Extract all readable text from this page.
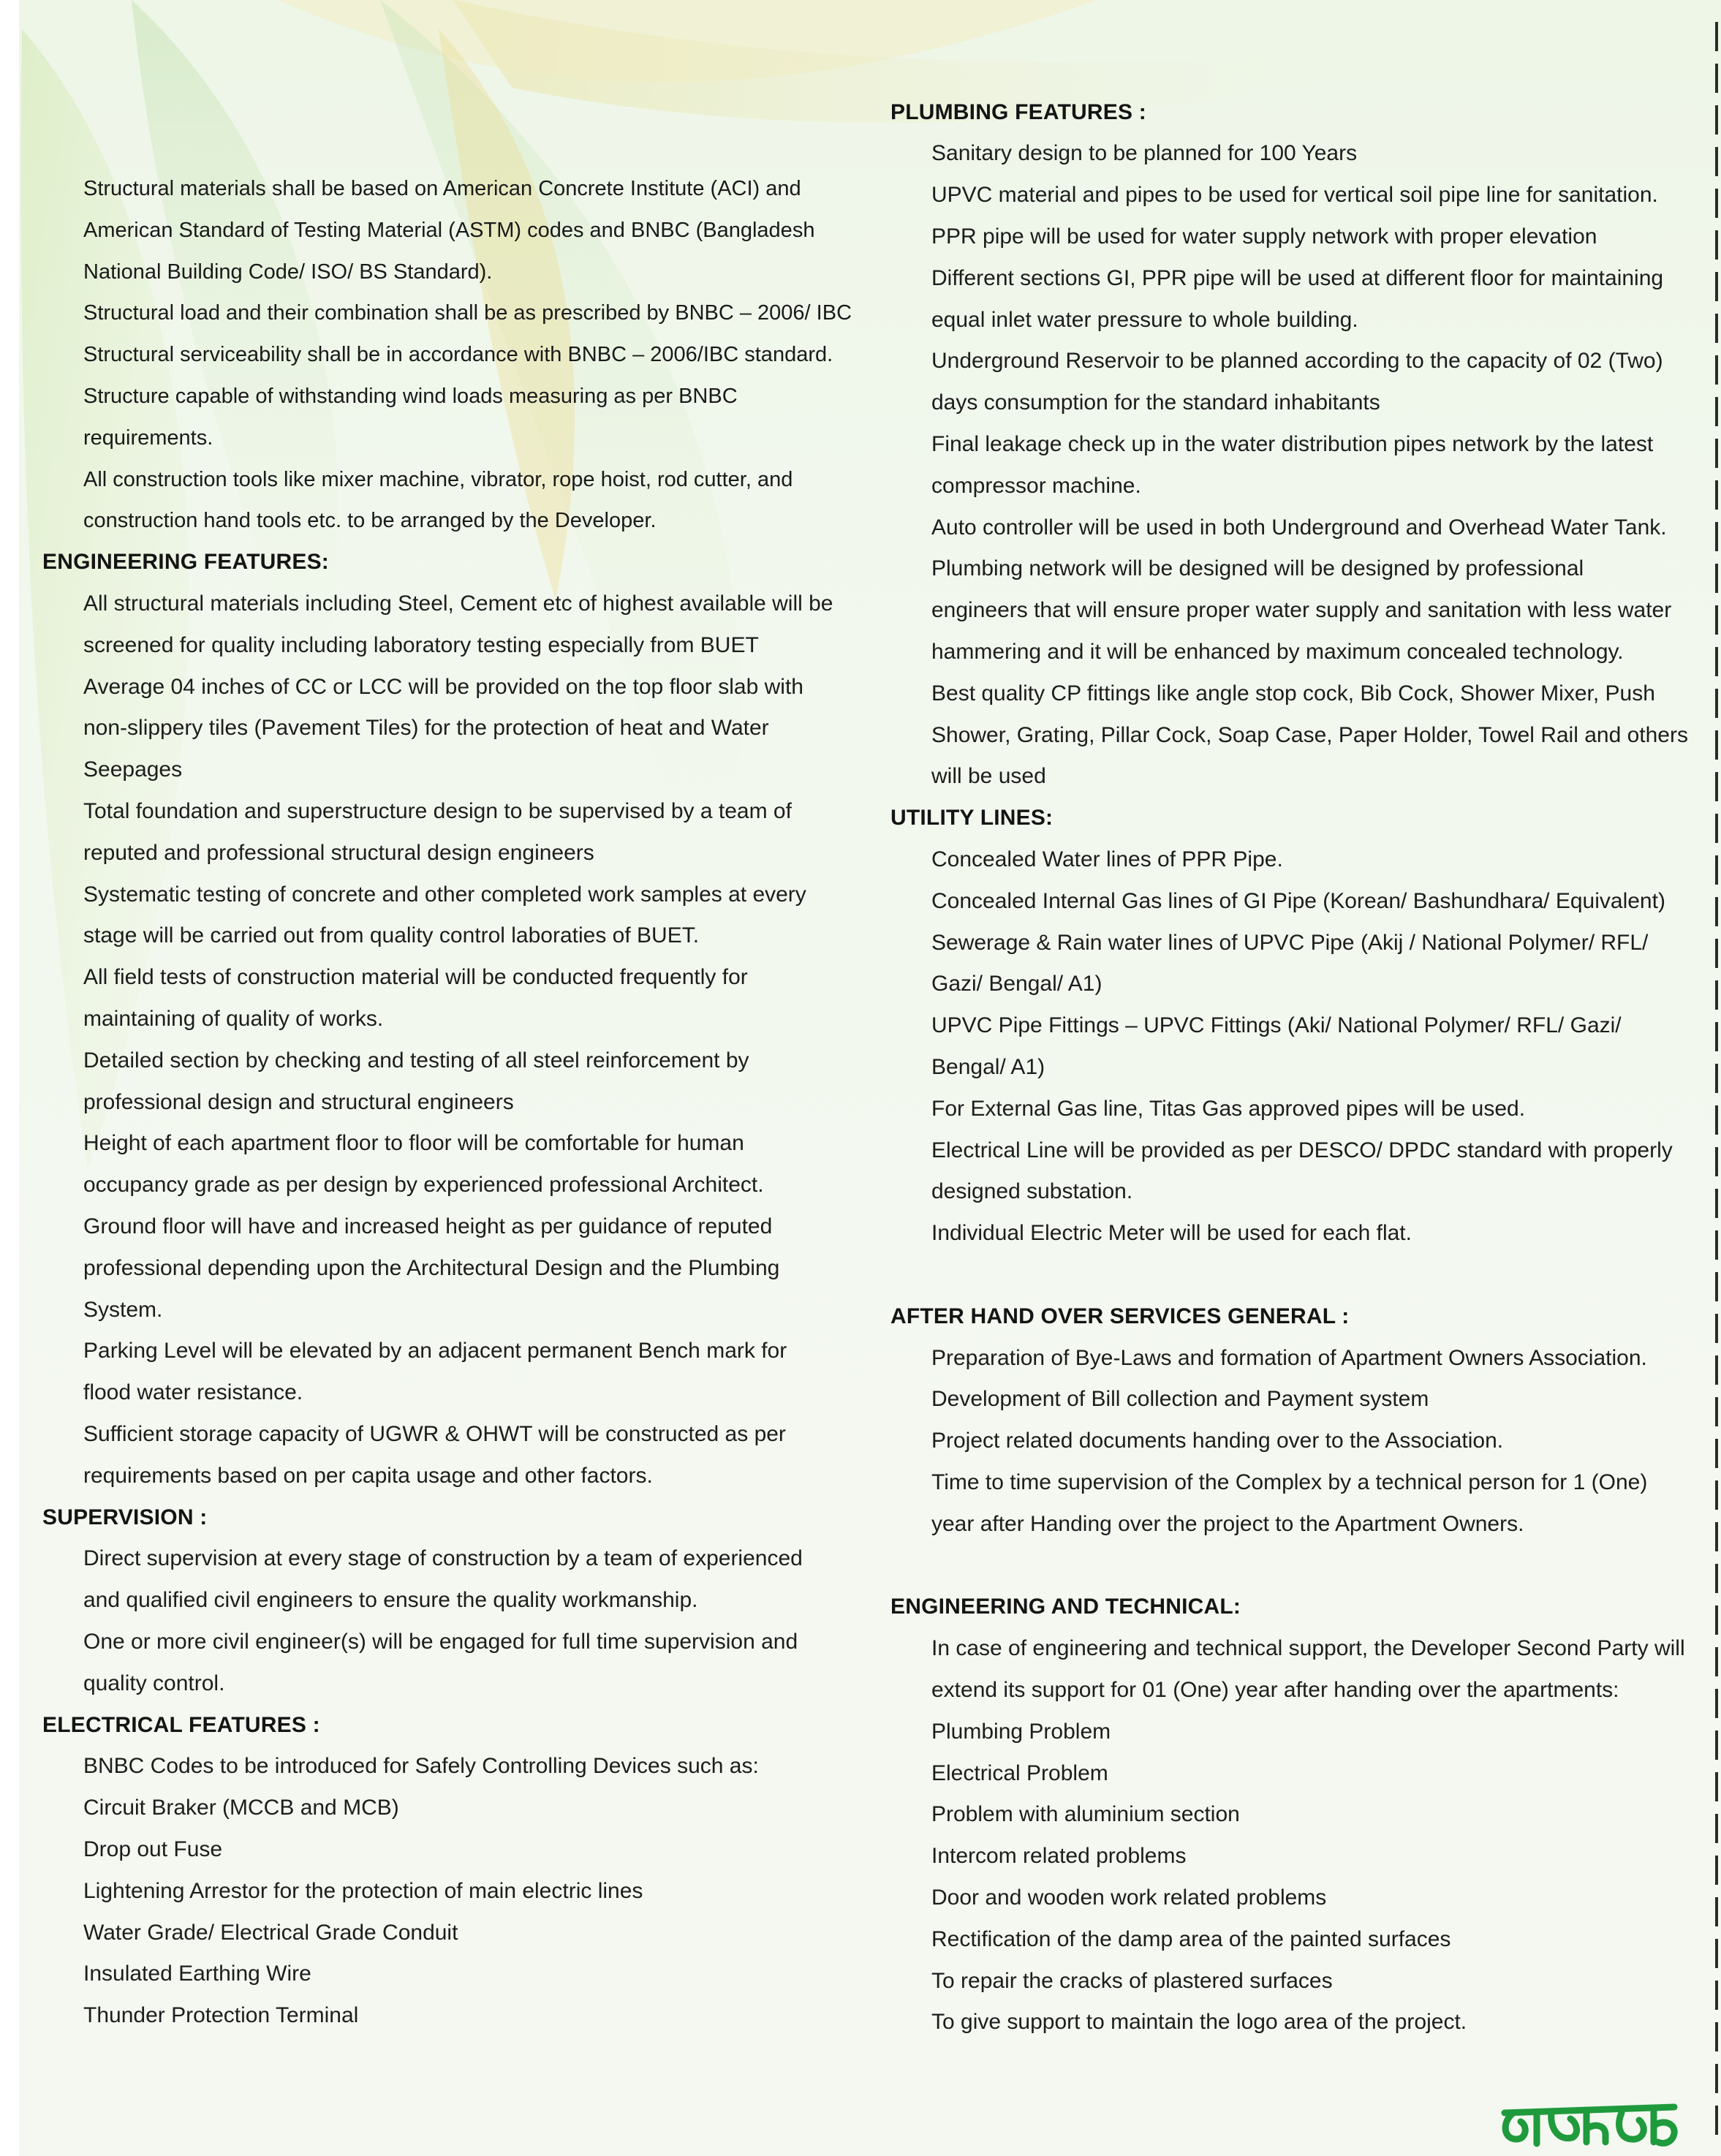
Structural materials shall be based on American Concrete Institute (ACI) and
American Standard of Testing Material (ASTM) codes and BNBC (Bangladesh
National Building Code/ ISO/ BS Standard).
Structural load and their combination shall be as prescribed by BNBC – 2006/ IBC
Structural serviceability shall be in accordance with BNBC – 2006/IBC standard.
Structure capable of withstanding wind loads measuring as per BNBC
requirements.
All construction tools like mixer machine, vibrator, rope hoist, rod cutter, and
construction hand tools etc. to be arranged by the Developer.
ENGINEERING FEATURES:
All structural materials including Steel, Cement etc of highest available will be
screened for quality including laboratory testing especially from BUET
Average 04 inches of CC or LCC will be provided on the top floor slab with
non-slippery tiles (Pavement Tiles) for the protection of heat and Water
Seepages
Total foundation and superstructure design to be supervised by a team of
reputed and professional structural design engineers
Systematic testing of concrete and other completed work samples at every
stage will be carried out from quality control laboraties of BUET.
All field tests of construction material will be conducted frequently for
maintaining of quality of works.
Detailed section by checking and testing of all steel reinforcement by
professional design and structural engineers
Height of each apartment floor to floor will be comfortable for human
occupancy grade as per design by experienced professional Architect.
Ground floor will have and increased height as per guidance of reputed
professional depending upon the Architectural Design and the Plumbing
System.
Parking Level will be elevated by an adjacent permanent Bench mark for
flood water resistance.
Sufficient storage capacity of UGWR & OHWT will be constructed as per
requirements based on per capita usage and other factors.
SUPERVISION :
Direct supervision at every stage of construction by a team of experienced
and qualified civil engineers to ensure the quality workmanship.
One or more civil engineer(s) will be engaged for full time supervision and
quality control.
ELECTRICAL FEATURES :
BNBC Codes to be introduced for Safely Controlling Devices such as:
Circuit Braker (MCCB and MCB)
Drop out Fuse
Lightening Arrestor for the protection of main electric lines
Water Grade/ Electrical Grade Conduit
Insulated Earthing Wire
Thunder Protection Terminal
PLUMBING FEATURES :
Sanitary design to be planned for 100 Years
UPVC material and pipes to be used for vertical soil pipe line for sanitation.
PPR pipe will be used for water supply network with proper elevation
Different sections GI, PPR pipe will be used at different floor for maintaining
equal inlet water pressure to whole building.
Underground Reservoir to be planned according to the capacity of 02 (Two)
days consumption for the standard inhabitants
Final leakage check up in the water distribution pipes network by the latest
compressor machine.
Auto controller will be used in both Underground and Overhead Water Tank.
Plumbing network will be designed will be designed by professional
engineers that will ensure proper water supply and sanitation with less water
hammering and it will be enhanced by maximum concealed technology.
Best quality CP fittings like angle stop cock, Bib Cock, Shower Mixer, Push
Shower, Grating, Pillar Cock, Soap Case, Paper Holder, Towel Rail and others
will be used
UTILITY LINES:
Concealed Water lines of PPR Pipe.
Concealed Internal Gas lines of GI Pipe (Korean/ Bashundhara/ Equivalent)
Sewerage & Rain water lines of UPVC Pipe (Akij / National Polymer/ RFL/
Gazi/ Bengal/ A1)
UPVC Pipe Fittings – UPVC Fittings (Aki/ National Polymer/ RFL/ Gazi/
Bengal/ A1)
For External Gas line, Titas Gas approved pipes will be used.
Electrical Line will be provided as per DESCO/ DPDC standard with properly
designed substation.
Individual Electric Meter will be used for each flat.
AFTER HAND OVER SERVICES GENERAL :
Preparation of Bye-Laws and formation of Apartment Owners Association.
Development of Bill collection and Payment system
Project related documents handing over to the Association.
Time to time supervision of the Complex by a technical person for 1 (One)
year after Handing over the project to the Apartment Owners.
ENGINEERING AND TECHNICAL:
In case of engineering and technical support, the Developer Second Party will
extend its support for 01 (One) year after handing over the apartments:
Plumbing Problem
Electrical Problem
Problem with aluminium section
Intercom related problems
Door and wooden work related problems
Rectification of the damp area of the painted surfaces
To repair the cracks of plastered surfaces
To give support to maintain the logo area of the project.
